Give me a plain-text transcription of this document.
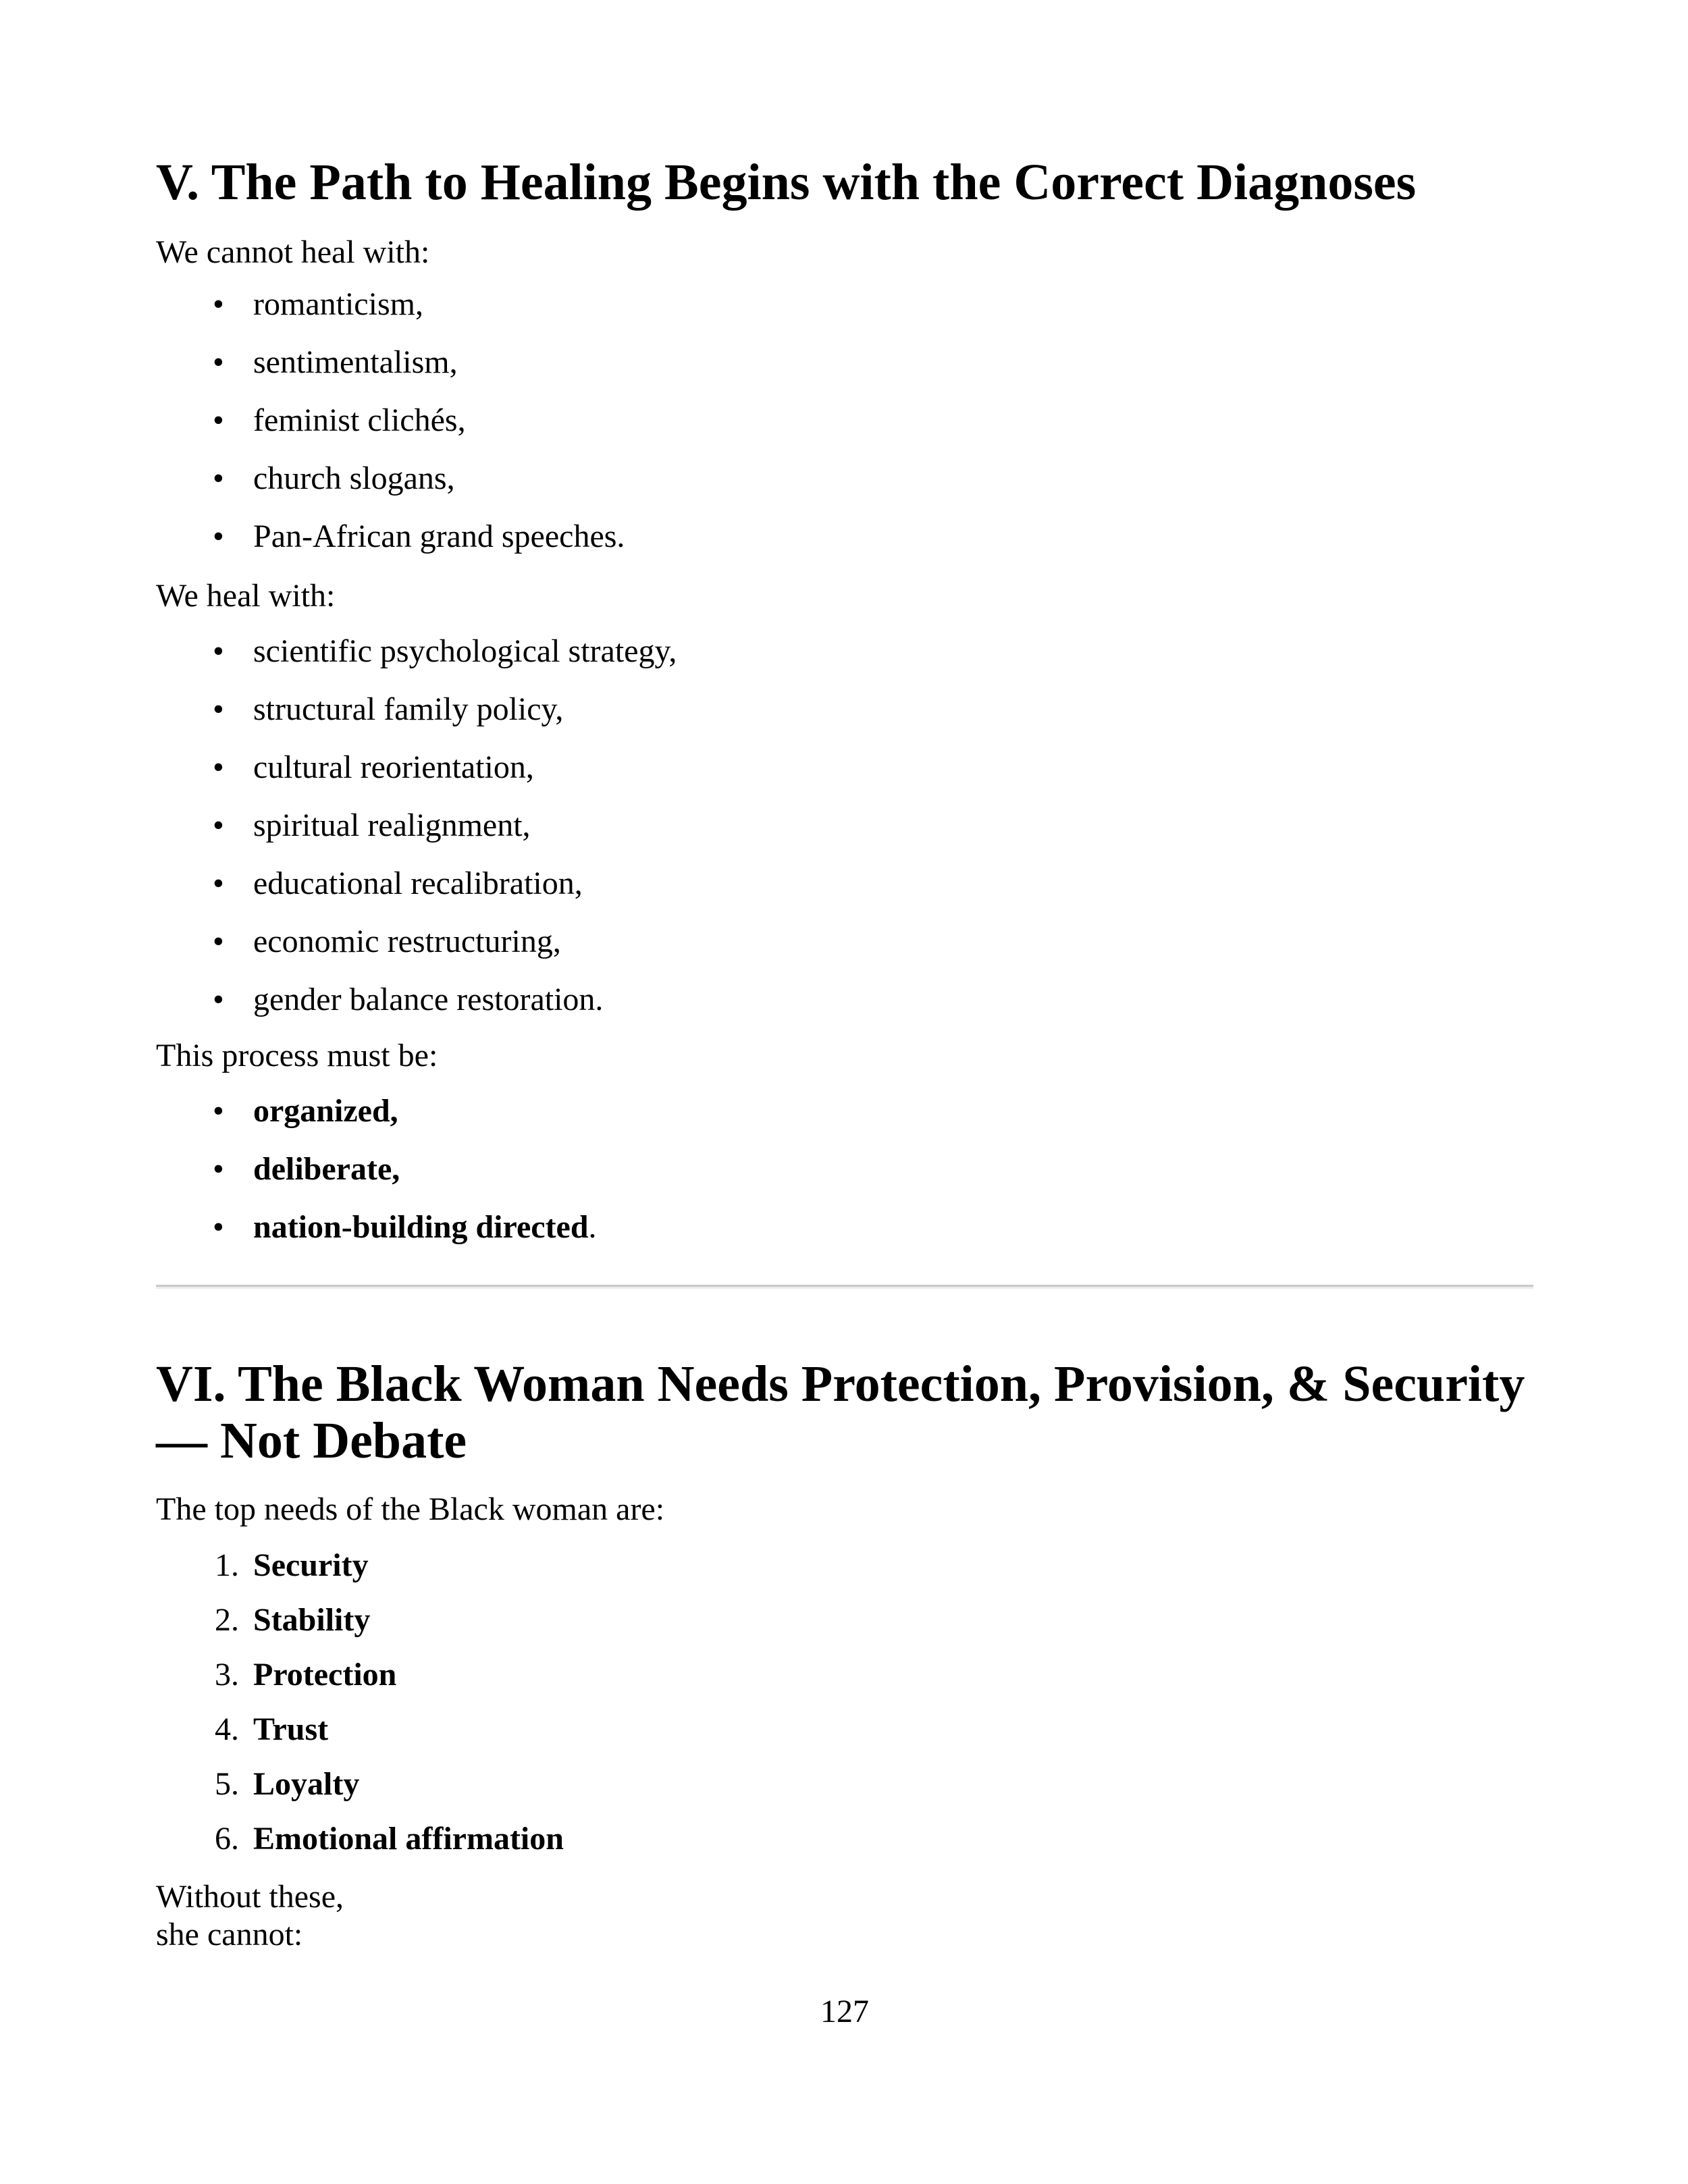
V. The Path to Healing Begins with the Correct Diagnoses

We cannot heal with:

• romanticism,
• sentimentalism,
• feminist clichés,
• church slogans,
• Pan-African grand speeches.

We heal with:

• scientific psychological strategy,
• structural family policy,
• cultural reorientation,
• spiritual realignment,
• educational recalibration,
• economic restructuring,
• gender balance restoration.

This process must be:

• organized,
• deliberate,
• nation-building directed.
VI. The Black Woman Needs Protection, Provision, & Security
— Not Debate

The top needs of the Black woman are:

1. Security
2. Stability
3. Protection
4. Trust
5. Loyalty
6. Emotional affirmation

Without these,
she cannot:

127
